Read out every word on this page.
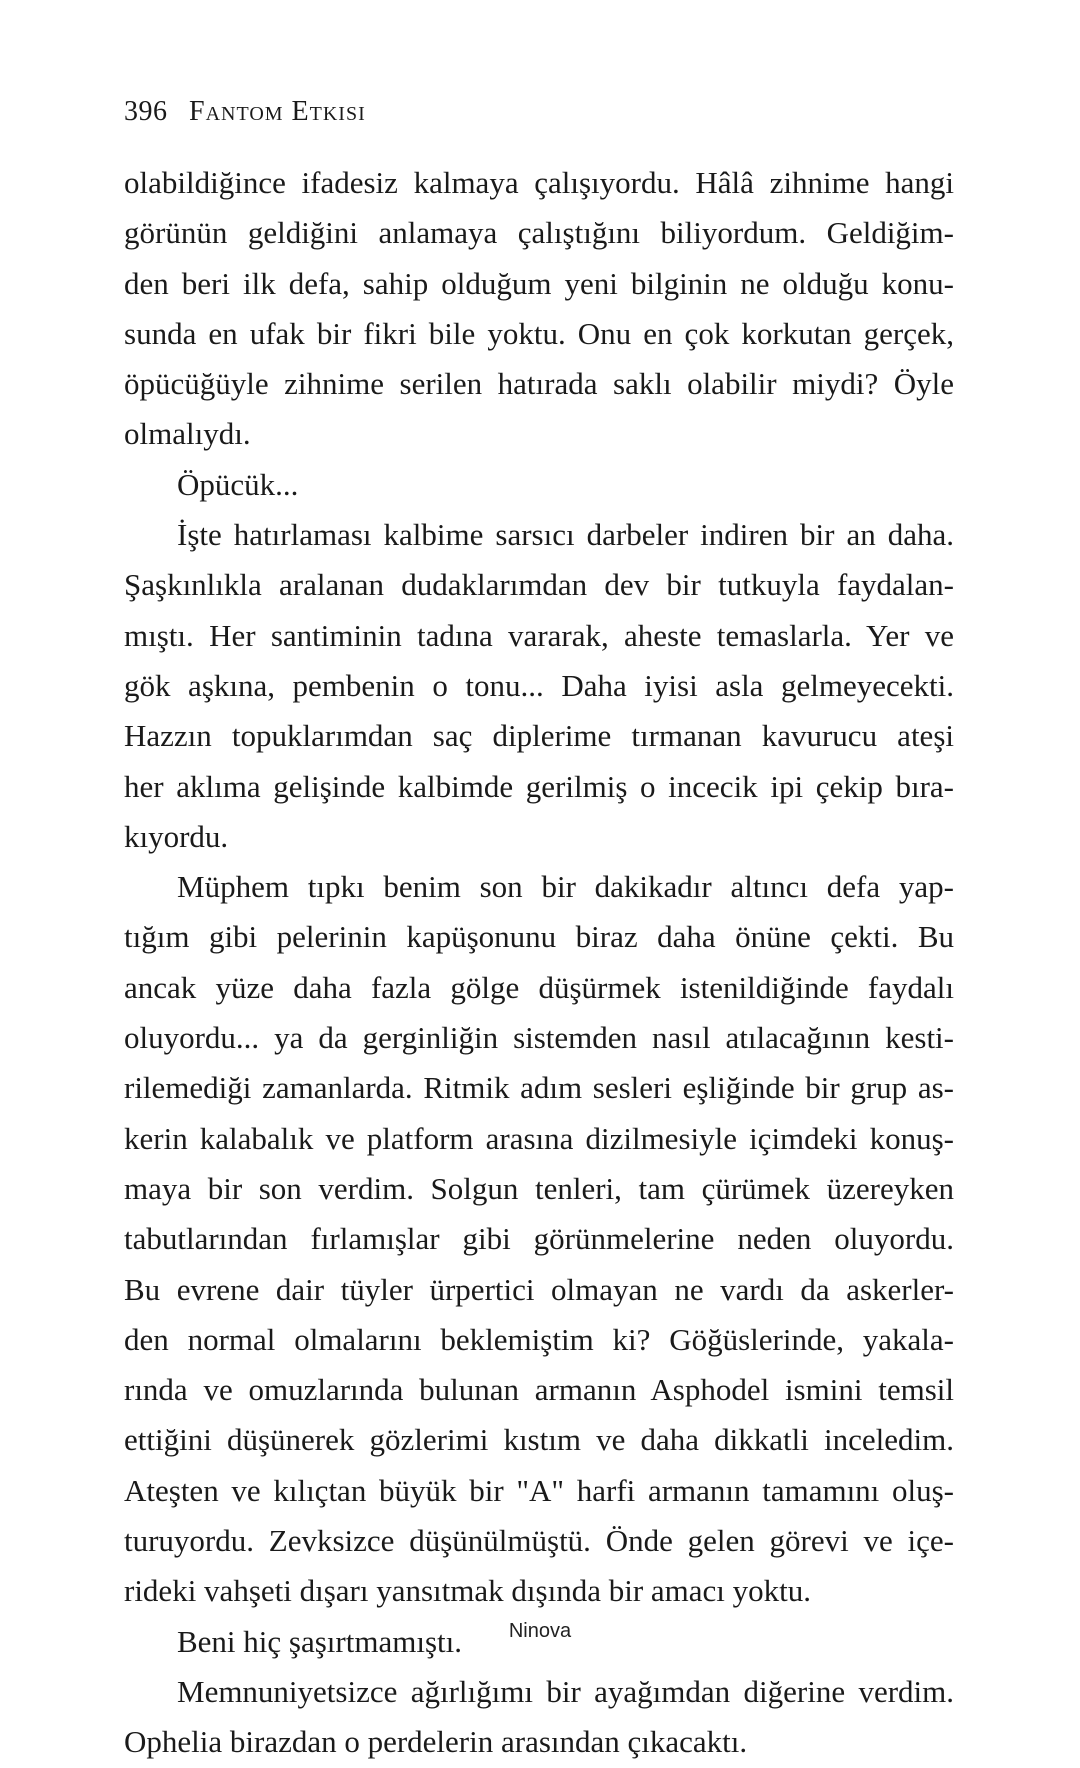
396 Fantom Etkisi
olabildiğince ifadesiz kalmaya çalışıyordu. Hâlâ zihnime hangi
görünün geldiğini anlamaya çalıştığını biliyordum. Geldiğim-
den beri ilk defa, sahip olduğum yeni bilginin ne olduğu konu-
sunda en ufak bir fikri bile yoktu. Onu en çok korkutan gerçek,
öpücüğüyle zihnime serilen hatırada saklı olabilir miydi? Öyle
olmalıydı.
Öpücük...
İşte hatırlaması kalbime sarsıcı darbeler indiren bir an daha.
Şaşkınlıkla aralanan dudaklarımdan dev bir tutkuyla faydalan-
mıştı. Her santiminin tadına vararak, aheste temaslarla. Yer ve
gök aşkına, pembenin o tonu... Daha iyisi asla gelmeyecekti.
Hazzın topuklarımdan saç diplerime tırmanan kavurucu ateşi
her aklıma gelişinde kalbimde gerilmiş o incecik ipi çekip bıra-
kıyordu.
Müphem tıpkı benim son bir dakikadır altıncı defa yap-
tığım gibi pelerinin kapüşonunu biraz daha önüne çekti. Bu
ancak yüze daha fazla gölge düşürmek istenildiğinde faydalı
oluyordu... ya da gerginliğin sistemden nasıl atılacağının kesti-
rilemediği zamanlarda. Ritmik adım sesleri eşliğinde bir grup as-
kerin kalabalık ve platform arasına dizilmesiyle içimdeki konuş-
maya bir son verdim. Solgun tenleri, tam çürümek üzereyken
tabutlarından fırlamışlar gibi görünmelerine neden oluyordu.
Bu evrene dair tüyler ürpertici olmayan ne vardı da askerler-
den normal olmalarını beklemiştim ki? Göğüslerinde, yakala-
rında ve omuzlarında bulunan armanın Asphodel ismini temsil
ettiğini düşünerek gözlerimi kıstım ve daha dikkatli inceledim.
Ateşten ve kılıçtan büyük bir "A" harfi armanın tamamını oluş-
turuyordu. Zevksizce düşünülmüştü. Önde gelen görevi ve içe-
rideki vahşeti dışarı yansıtmak dışında bir amacı yoktu.
Beni hiç şaşırtmamıştı.
Memnuniyetsizce ağırlığımı bir ayağımdan diğerine verdim.
Ophelia birazdan o perdelerin arasından çıkacaktı.
Ninova
